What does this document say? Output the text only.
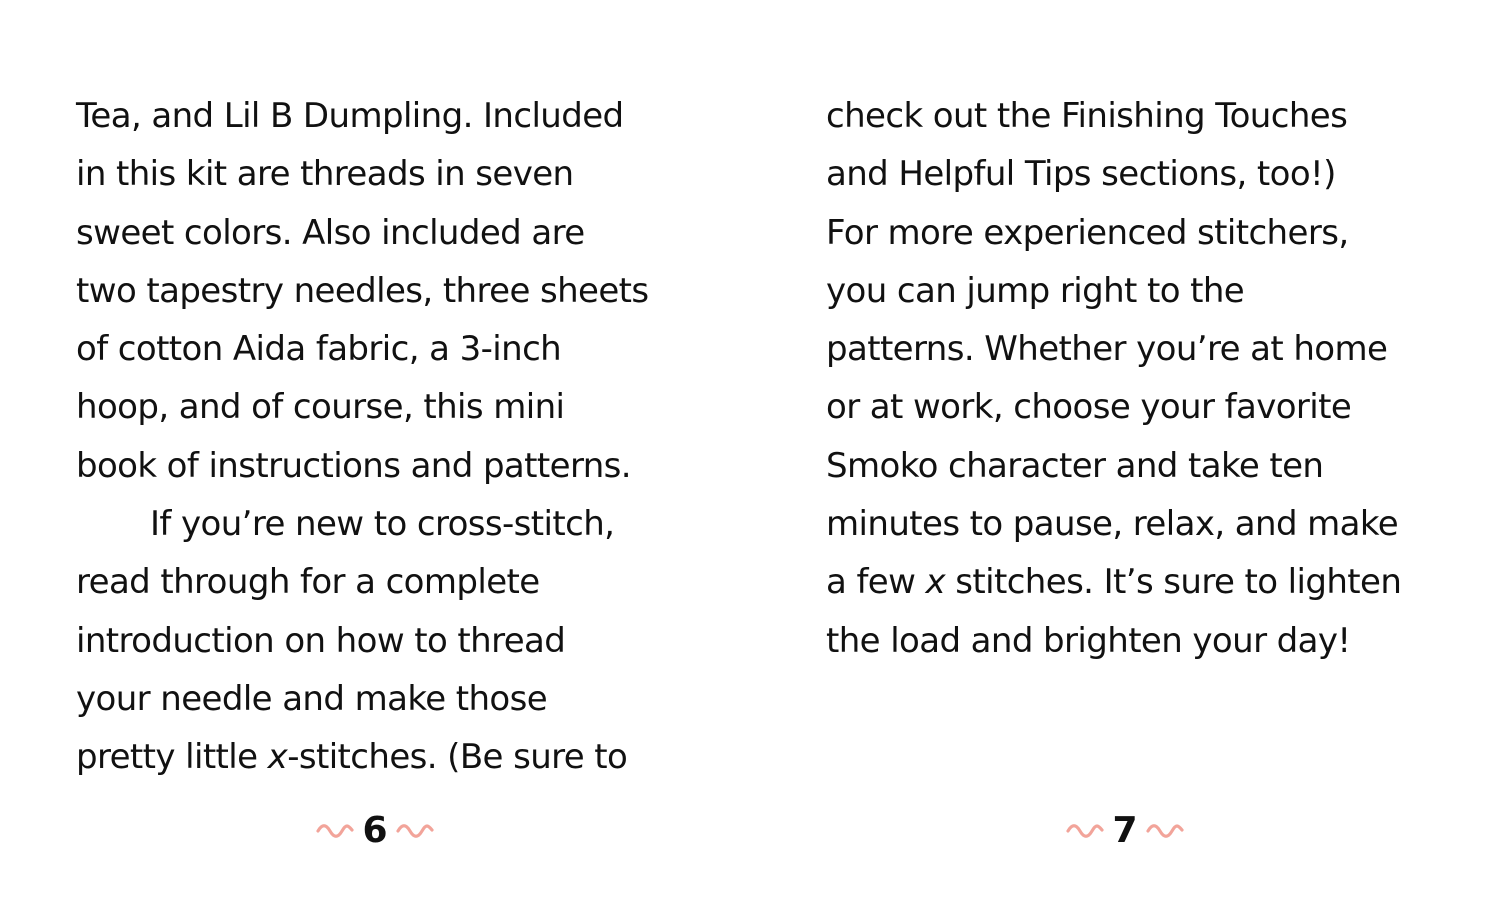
Tea, and Lil B Dumpling. Included
in this kit are threads in seven
sweet colors. Also included are
two tapestry needles, three sheets
of cotton Aida fabric, a 3-inch
hoop, and of course, this mini
book of instructions and patterns.
If you’re new to cross-stitch,
read through for a complete
introduction on how to thread
your needle and make those
pretty little x-stitches. (Be sure to
6
check out the Finishing Touches
and Helpful Tips sections, too!)
For more experienced stitchers,
you can jump right to the
patterns. Whether you’re at home
or at work, choose your favorite
Smoko character and take ten
minutes to pause, relax, and make
a few x stitches. It’s sure to lighten
the load and brighten your day!
7
